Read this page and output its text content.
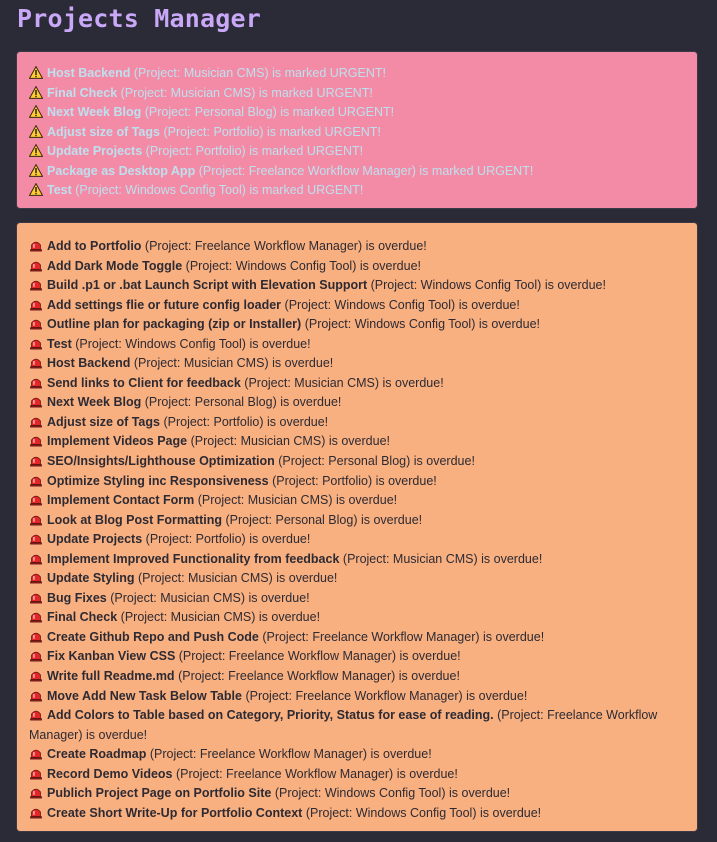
Projects Manager
Host Backend (Project: Musician CMS) is marked URGENT!
Final Check (Project: Musician CMS) is marked URGENT!
Next Week Blog (Project: Personal Blog) is marked URGENT!
Adjust size of Tags (Project: Portfolio) is marked URGENT!
Update Projects (Project: Portfolio) is marked URGENT!
Package as Desktop App (Project: Freelance Workflow Manager) is marked URGENT!
Test (Project: Windows Config Tool) is marked URGENT!
Add to Portfolio (Project: Freelance Workflow Manager) is overdue!
Add Dark Mode Toggle (Project: Windows Config Tool) is overdue!
Build .p1 or .bat Launch Script with Elevation Support (Project: Windows Config Tool) is overdue!
Add settings flie or future config loader (Project: Windows Config Tool) is overdue!
Outline plan for packaging (zip or Installer) (Project: Windows Config Tool) is overdue!
Test (Project: Windows Config Tool) is overdue!
Host Backend (Project: Musician CMS) is overdue!
Send links to Client for feedback (Project: Musician CMS) is overdue!
Next Week Blog (Project: Personal Blog) is overdue!
Adjust size of Tags (Project: Portfolio) is overdue!
Implement Videos Page (Project: Musician CMS) is overdue!
SEO/Insights/Lighthouse Optimization (Project: Personal Blog) is overdue!
Optimize Styling inc Responsiveness (Project: Portfolio) is overdue!
Implement Contact Form (Project: Musician CMS) is overdue!
Look at Blog Post Formatting (Project: Personal Blog) is overdue!
Update Projects (Project: Portfolio) is overdue!
Implement Improved Functionality from feedback (Project: Musician CMS) is overdue!
Update Styling (Project: Musician CMS) is overdue!
Bug Fixes (Project: Musician CMS) is overdue!
Final Check (Project: Musician CMS) is overdue!
Create Github Repo and Push Code (Project: Freelance Workflow Manager) is overdue!
Fix Kanban View CSS (Project: Freelance Workflow Manager) is overdue!
Write full Readme.md (Project: Freelance Workflow Manager) is overdue!
Move Add New Task Below Table (Project: Freelance Workflow Manager) is overdue!
Add Colors to Table based on Category, Priority, Status for ease of reading. (Project: Freelance Workflow Manager) is overdue!
Create Roadmap (Project: Freelance Workflow Manager) is overdue!
Record Demo Videos (Project: Freelance Workflow Manager) is overdue!
Publich Project Page on Portfolio Site (Project: Windows Config Tool) is overdue!
Create Short Write-Up for Portfolio Context (Project: Windows Config Tool) is overdue!
